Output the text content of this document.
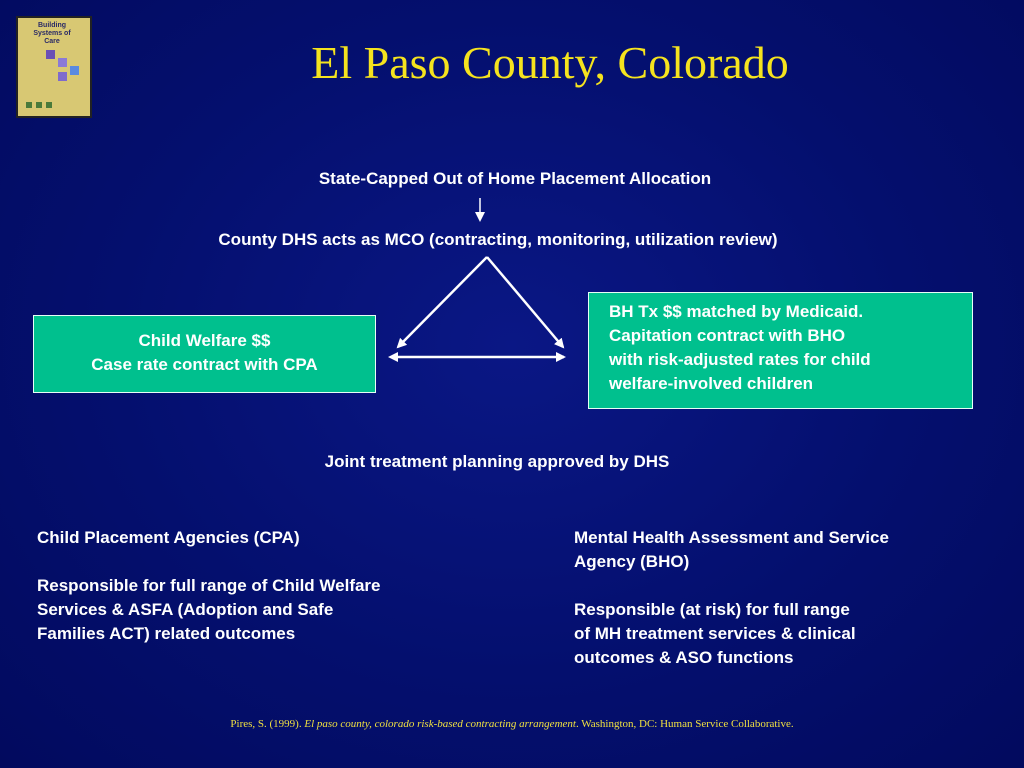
Building
Systems of
Care	El Paso County, Colorado
State-Capped Out of Home Placement Allocation
County DHS acts as MCO (contracting, monitoring, utilization review)
Child Welfare $$
Case rate contract with CPA
BH Tx $$ matched by Medicaid.
Capitation contract with BHO
with risk-adjusted rates for child
welfare-involved children
Joint treatment planning approved by DHS
Child Placement Agencies (CPA)
Responsible for full range of Child Welfare
Services & ASFA (Adoption and Safe
Families ACT) related outcomes
Mental Health Assessment and Service
Agency (BHO)
Responsible (at risk) for full range
of MH treatment services & clinical
outcomes & ASO functions
Pires, S. (1999). El paso county, colorado risk-based contracting arrangement. Washington, DC: Human Service Collaborative.
